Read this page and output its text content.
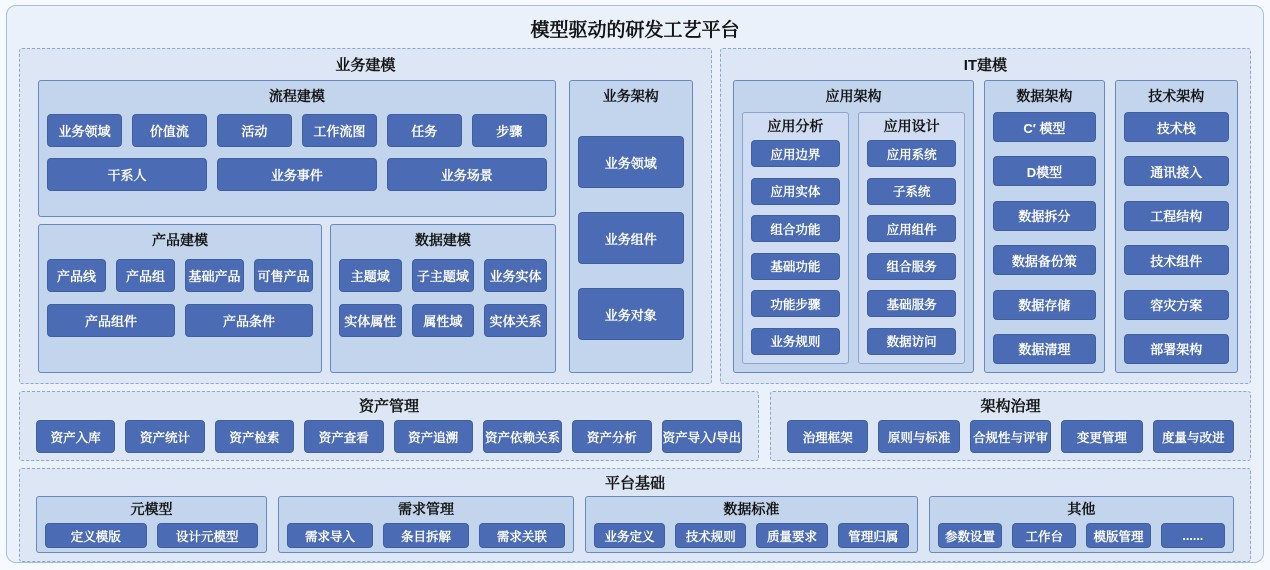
模型驱动的研发工艺平台
业务建模
流程建模
业务领域	价值流	活动	工作流图	任务	步骤
干系人	业务事件	业务场景
产品建模
产品线	产品组	基础产品 可售产品
产品组件	产品条件
数据建模
主题域	子主题域	业务实体
实体属性	属性域	实体关系
业务架构
业务领域
业务组件
业务对象
IT建模
应用架构
应用分析
应用边界
应用实体
组合功能
基础功能
功能步骤
业务规则
应用设计
应用系统
子系统
应用组件
组合服务
基础服务
数据访问
数据架构
C′ 模型
D模型
数据拆分
数据备份策
数据存储
数据清理
技术架构
技术栈
通讯接入
工程结构
技术组件
容灾方案
部署架构
资产管理
资产入库	资产统计	资产检索	资产查看	资产追溯	资产依赖关系	资产分析	资产导入/导出
架构治理
治理框架	原则与标准	合规性与评审	变更管理	度量与改进
平台基础
元模型
定义模版	设计元模型
需求管理
需求导入	条目拆解	需求关联
数据标准
业务定义	技术规则	质量要求	管理归属
其他
参数设置	工作台	模版管理	......
